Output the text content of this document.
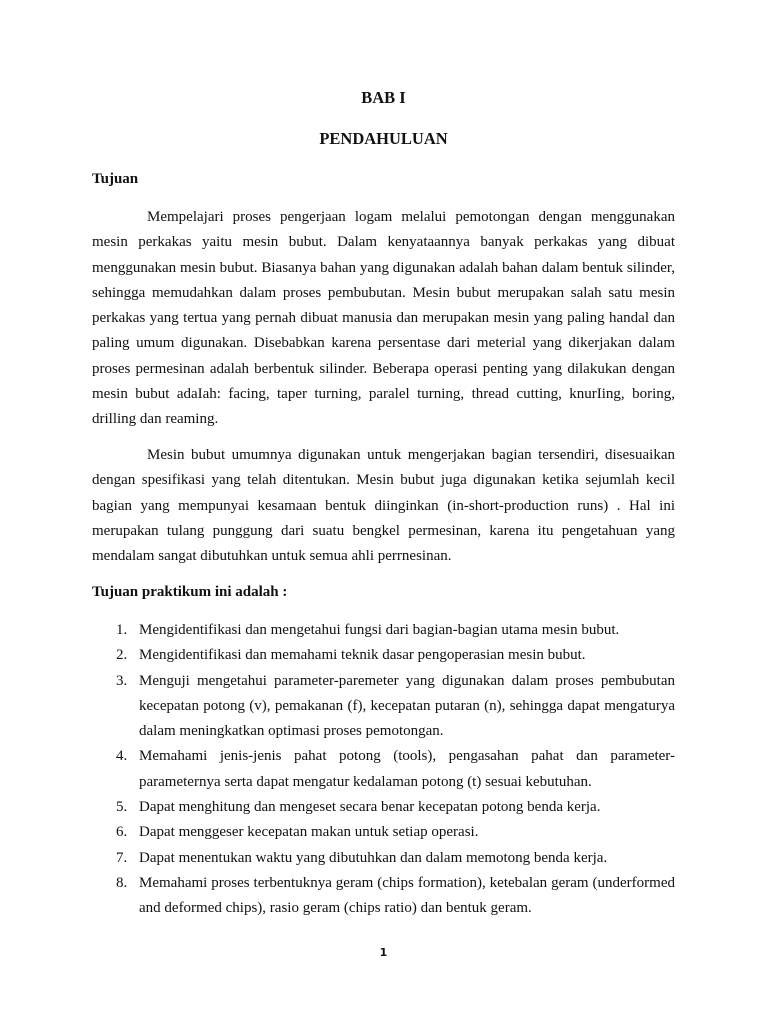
BAB I
PENDAHULUAN
Tujuan

Mempelajari proses pengerjaan logam melalui pemotongan dengan menggunakan mesin perkakas yaitu mesin bubut. Dalam kenyataannya banyak perkakas yang dibuat menggunakan mesin bubut. Biasanya bahan yang digunakan adalah bahan dalam bentuk silinder, sehingga memudahkan dalam proses pembubutan. Mesin bubut merupakan salah satu mesin perkakas yang tertua yang pernah dibuat manusia dan merupakan mesin yang paling handal dan paling umum digunakan. Disebabkan karena persentase dari meterial yang dikerjakan dalam proses permesinan adalah berbentuk silinder. Beberapa operasi penting yang dilakukan dengan mesin bubut adaIah: facing, taper turning, paralel turning, thread cutting, knurIing, boring, drilling dan reaming.

Mesin bubut umumnya digunakan untuk mengerjakan bagian tersendiri, disesuaikan dengan spesifikasi yang telah ditentukan. Mesin bubut juga digunakan ketika sejumlah kecil bagian yang mempunyai kesamaan bentuk diinginkan (in-short-production runs) . Hal ini merupakan tulang punggung dari suatu bengkel permesinan, karena itu pengetahuan yang mendalam sangat dibutuhkan untuk semua ahli perrnesinan.

Tujuan praktikum ini adalah :
1. Mengidentifikasi dan mengetahui fungsi dari bagian-bagian utama mesin bubut.
2. Mengidentifikasi dan memahami teknik dasar pengoperasian mesin bubut.
3. Menguji mengetahui parameter-paremeter yang digunakan dalam proses pembubutan kecepatan potong (v), pemakanan (f), kecepatan putaran (n), sehingga dapat mengaturya dalam meningkatkan optimasi proses pemotongan.
4. Memahami jenis-jenis pahat potong (tools), pengasahan pahat dan parameter-parameternya serta dapat mengatur kedalaman potong (t) sesuai kebutuhan.
5. Dapat menghitung dan mengeset secara benar kecepatan potong benda kerja.
6. Dapat menggeser kecepatan makan untuk setiap operasi.
7. Dapat menentukan waktu yang dibutuhkan dan dalam memotong benda kerja.
8. Memahami proses terbentuknya geram (chips formation), ketebalan geram (underformed and deformed chips), rasio geram (chips ratio) dan bentuk geram.
1
